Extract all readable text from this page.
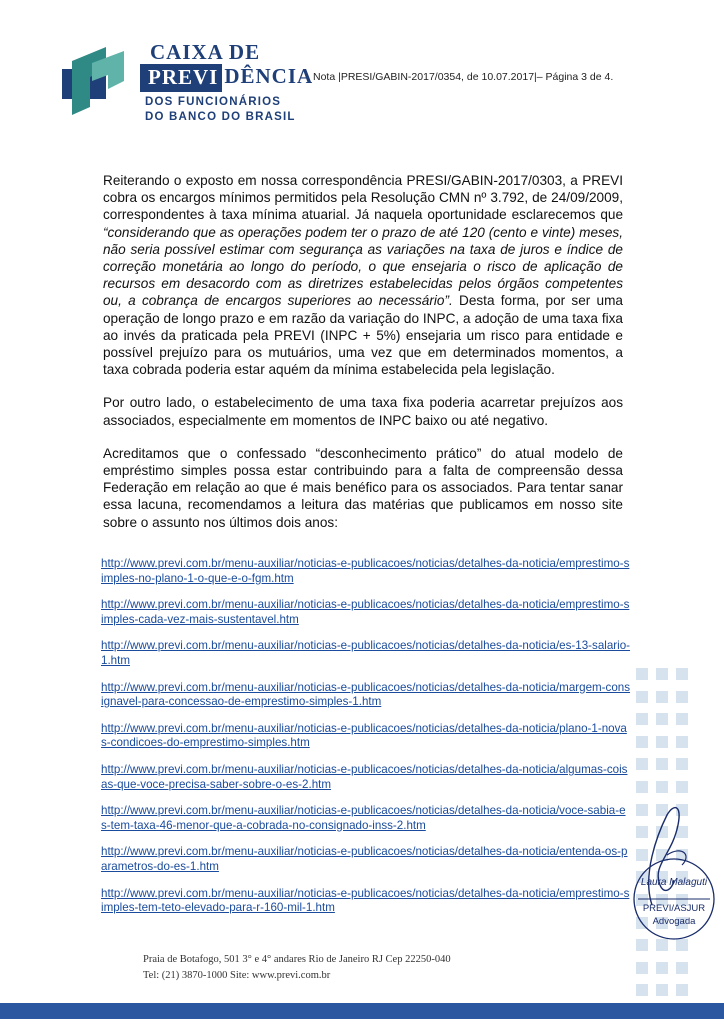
CAIXA DE
PREVI DÊNCIA
DOS FUNCIONÁRIOS
DO BANCO DO BRASIL
Nota |PRESI/GABIN-2017/0354, de 10.07.2017|– Página 3 de 4.

Reiterando o exposto em nossa correspondência PRESI/GABIN-2017/0303, a PREVI cobra os encargos mínimos permitidos pela Resolução CMN nº 3.792, de 24/09/2009, correspondentes à taxa mínima atuarial. Já naquela oportunidade esclarecemos que “considerando que as operações podem ter o prazo de até 120 (cento e vinte) meses, não seria possível estimar com segurança as variações na taxa de juros e índice de correção monetária ao longo do período, o que ensejaria o risco de aplicação de recursos em desacordo com as diretrizes estabelecidas pelos órgãos competentes ou, a cobrança de encargos superiores ao necessário”. Desta forma, por ser uma operação de longo prazo e em razão da variação do INPC, a adoção de uma taxa fixa ao invés da praticada pela PREVI (INPC + 5%) ensejaria um risco para entidade e possível prejuízo para os mutuários, uma vez que em determinados momentos, a taxa cobrada poderia estar aquém da mínima estabelecida pela legislação.

Por outro lado, o estabelecimento de uma taxa fixa poderia acarretar prejuízos aos associados, especialmente em momentos de INPC baixo ou até negativo.

Acreditamos que o confessado “desconhecimento prático” do atual modelo de empréstimo simples possa estar contribuindo para a falta de compreensão dessa Federação em relação ao que é mais benéfico para os associados. Para tentar sanar essa lacuna, recomendamos a leitura das matérias que publicamos em nosso site sobre o assunto nos últimos dois anos:

http://www.previ.com.br/menu-auxiliar/noticias-e-publicacoes/noticias/detalhes-da-noticia/emprestimo-simples-no-plano-1-o-que-e-o-fgm.htm
http://www.previ.com.br/menu-auxiliar/noticias-e-publicacoes/noticias/detalhes-da-noticia/emprestimo-simples-cada-vez-mais-sustentavel.htm
http://www.previ.com.br/menu-auxiliar/noticias-e-publicacoes/noticias/detalhes-da-noticia/es-13-salario-1.htm
http://www.previ.com.br/menu-auxiliar/noticias-e-publicacoes/noticias/detalhes-da-noticia/margem-consignavel-para-concessao-de-emprestimo-simples-1.htm
http://www.previ.com.br/menu-auxiliar/noticias-e-publicacoes/noticias/detalhes-da-noticia/plano-1-novas-condicoes-do-emprestimo-simples.htm
http://www.previ.com.br/menu-auxiliar/noticias-e-publicacoes/noticias/detalhes-da-noticia/algumas-coisas-que-voce-precisa-saber-sobre-o-es-2.htm
http://www.previ.com.br/menu-auxiliar/noticias-e-publicacoes/noticias/detalhes-da-noticia/voce-sabia-es-tem-taxa-46-menor-que-a-cobrada-no-consignado-inss-2.htm
http://www.previ.com.br/menu-auxiliar/noticias-e-publicacoes/noticias/detalhes-da-noticia/entenda-os-parametros-do-es-1.htm
http://www.previ.com.br/menu-auxiliar/noticias-e-publicacoes/noticias/detalhes-da-noticia/emprestimo-simples-tem-teto-elevado-para-r-160-mil-1.htm
Laura Malaguti
PREVI/ASJUR
Advogada
Praia de Botafogo, 501 3° e 4° andares Rio de Janeiro RJ Cep 22250-040
Tel: (21) 3870-1000 Site: www.previ.com.br
